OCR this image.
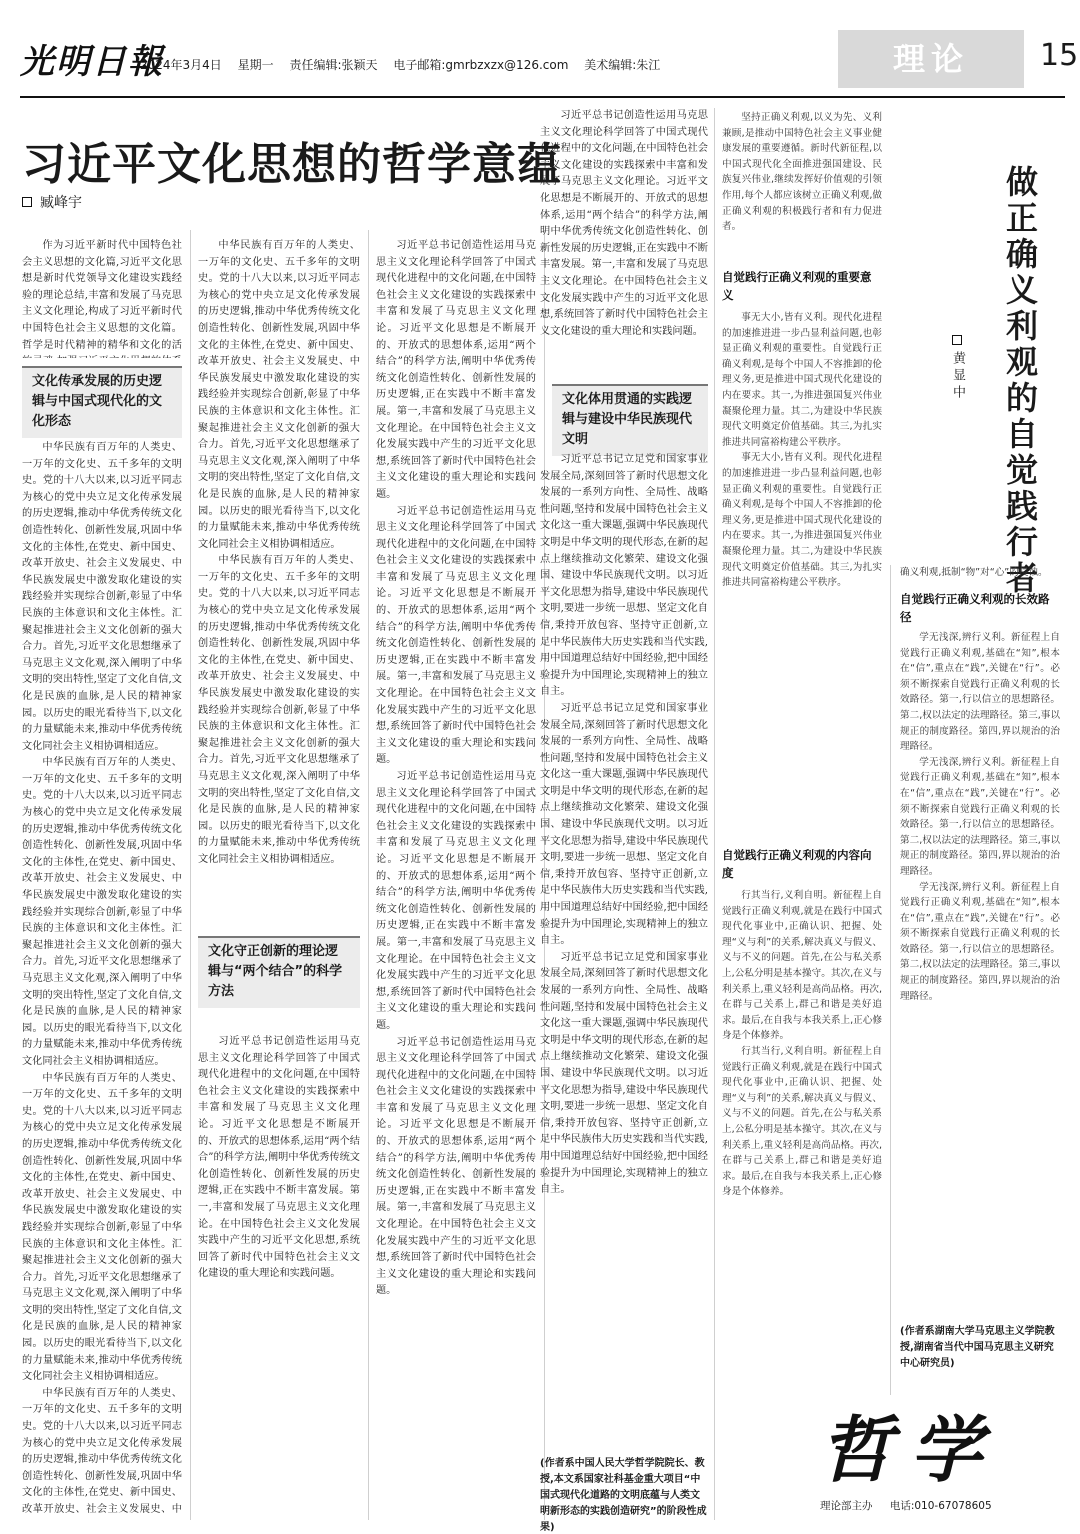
光明日報
2024年3月4日 星期一 责任编辑:张颖天 电子邮箱:gmrbzxzx@126.com 美术编辑:朱江	理论	15
习近平文化思想的哲学意蕴
臧峰宇

作为习近平新时代中国特色社会主义思想的文化篇,习近平文化思想是新时代党领导文化建设实践经验的理论总结,丰富和发展了马克思主义文化理论,构成了习近平新时代中国特色社会主义思想的文化篇。哲学是时代精神的精华和文化的活

文化传承发展的历史逻辑与中国式现代化的文化形态

中华民族有百万年的人类史、一万年的文化史、五千多年的文明史。党的十八大以来,以习近平同志为核心的党中央立足文化传承发展的历史逻辑,推动中华优秀传统文化创造性转化、创新性发展,巩固中华文化的主体性,在党史、新中国史、改革开放史、社会主义发展史、中华民族发展史中激发取化建设的实践经验并实现综合创新,彰显了中华民族的主体意识和文化主体性。汇聚起推进社会主义文化创新的强大合力。首先,习近平文化思想继承了马克思主义文化观,深入阐明了中华文明的突出特性,坚定了文化自信,文化是民族的血脉,是人民的精神家园。以历史的眼光看待当下,以文化的力量赋能未来,推动中华优秀传统文化同社会主义相协调相适应。

中华民族有百万年的人类史、一万年的文化史、五千多年的文明史。党的十八大以来,以习近平同志为核心的党中央立足文化传承发展的历史逻辑,推动中华优秀传统文化创造性转化、创新性发展,巩固中华文化的主体性,在党史、新中国史、改革开放史、社会主义发展史、中华民族发展史中激发取化建设的实践经验并实现综合创新,彰显了中华民族的主体意识和文化主体性。汇聚起推进社会主义文化创新的强大合力。首先,习近平文化思想继承了马克思主义文化观,深入阐明了中华文明的突出特性,坚定了文化自信,文化是民族的血脉,是人民的精神家园。以历史的眼光看待当下,以文化的力量赋能未来,推动中华优秀传统文化同社会主义相协调相适应。

中华民族有百万年的人类史、一万年的文化史、五千多年的文明史。党的十八大以来,以习近平同志为核心的党中央立足文化传承发展的历史逻辑,推动中华优秀传统文化创造性转化、创新性发展,巩固中华文化的主体性,在党史、新中国史、改革开放史、社会主义发展史、中华民族发展史中激发取化建设的实践经验并实现综合创新,彰显了中华民族的主体意识和文化主体性。汇聚起推进社会主义文化创新的强大合力。首先,习近平文化思想继承了马克思主义文化观,深入阐明了中华文明的突出特性,坚定了文化自信,文化是民族的血脉,是人民的精神家园。以历史的眼光看待当下,以文化的力量赋能未来,推动中华优秀传统文化同社会主义相协调相适应。

中华民族有百万年的人类史、一万年的文化史、五千多年的文明史。党的十八大以来,以习近平同志为核心的党中央立足文化传承发展的历史逻辑,推动中华优秀传统文化创造性转化、创新性发展,巩固中华文化的主体性,在党史、新中国史、改革开放史、社会主义发展史、中

中华民族有百万年的人类史、一万年的文化史、五千多年的文明史。党的十八大以来,以习近平同志为核心的党中央立足文化传承发展的历史逻辑,推动中华优秀传统文化创造性转化、创新性发展,巩固中华文化的主体性,在党史、新中国史、改革开放史、社会主义发展史、中华民族发展史中激发取化建设的实践经验并实现综合创新,彰显了中华民族的主体意识和文化主体性。汇聚起推进社会主义文化创新的强大合力。首先,习近平文化思想继承了马克思主义文化观,深入阐明了中华文明的突出特性,坚定了文化自信,文化是民族的血脉,是人民的精神家园。以历史的眼光看待当下,以文化的力量赋能未来,推动中华优秀传统文化同社会主义相协调相适应。

中华民族有百万年的人类史、一万年的文化史、五千多年的文明史。党的十八大以来,以习近平同志为核心的党中央立足文化传承发展的历史逻辑,推动中华优秀传统文化创造性转化、创新性发展,巩固中华文化的主体性,在党史、新中国史、改革开放史、社会主义发展史、中华民族发展史中激发取化建设的实践经验并实现综合创新,彰显了中华民族的主体意识和文化主体性。汇聚起推进社会主义文化创新的强大合力。首先,习近平文化思想继承了马克思主义文化观,深入阐明了中华文明的突出特性,坚定了文化自信,文化是民族的血脉,是人民的精神家园。以历史的眼光看待当下,以文化的力量赋能未来,推动中华优秀传统文化同社会主义相协调相适应。

文化守正创新的理论逻辑与“两个结合”的科学方法

习近平总书记创造性运用马克思主义文化理论科学回答了中国式现代化进程中的文化问题,在中国特色社会主义文化建设的实践探索中丰富和发展了马克思主义文化理论。习近平文化思想是不断展开的、开放式的思想体系,运用“两个结合”的科学方法,阐明中华优秀传统文化创造性转化、创新性发展的历史逻辑,正在实践中不断丰富发展。第一,丰富和发展了马克思主义文化理论。在中国特色社会主义文化发展实践中产生的习近平文化思想,系统回答了新时代中国特色社会主义文化建设的重大理论和实践问题。

习近平总书记创造性运用马克思主义文化理论科学回答了中国式现代化进程中的文化问题,在中国特色社会主义文化建设的实践探索中丰富和发展了马克思主义文化理论。习近平文化思想是不断展开的、开放式的思想体系,运用“两个结合”的科学方法,阐明中华优秀传统文化创造性转化、创新性发展的历史逻辑,正在实践中不断丰富发展。第一,丰富和发展了马克思主义文化理论。在中国特色社会主义文化发展实践中产生的习近平文化思想,系统回答了新时代中国特色社会主义文化建设的重大理论和实践问题。

习近平总书记创造性运用马克思主义文化理论科学回答了中国式现代化进程中的文化问题,在中国特色社会主义文化建设的实践探索中丰富和发展了马克思主义文化理论。习近平文化思想是不断展开的、开放式的思想体系,运用“两个结合”的科学方法,阐明中华优秀传统文化创造性转化、创新性发展的历史逻辑,正在实践中不断丰富发展。第一,丰富和发展了马克思主义文化理论。在中国特色社会主义文化发展实践中产生的习近平文化思想,系统回答了新时代中国特色社会主义文化建设的重大理论和实践问题。

习近平总书记创造性运用马克思主义文化理论科学回答了中国式现代化进程中的文化问题,在中国特色社会主义文化建设的实践探索中丰富和发展了马克思主义文化理论。习近平文化思想是不断展开的、开放式的思想体系,运用“两个结合”的科学方法,阐明中华优秀传统文化创造性转化、创新性发展的历史逻辑,正在实践中不断丰富发展。第一,丰富和发展了马克思主义文化理论。在中国特色社会主义文化发展实践中产生的习近平文化思想,系统回答了新时代中国特色社会主义文化建设的重大理论和实践问题。

习近平总书记创造性运用马克思主义文化理论科学回答了中国式现代化进程中的文化问题,在中国特色社会主义文化建设的实践探索中丰富和发展了马克思主义文化理论。习近平文化思想是不断展开的、开放式的思想体系,运用“两个结合”的科学方法,阐明中华优秀传统文化创造性转化、创新性发展的历史逻辑,正在实践中不断丰富发展。第一,丰富和发展了马克思主义文化理论。在中国特色社会主义文化发展实践中产生的习近平文化思想,系统回答了新时代中国特色社会主义文化建设的重大理论和实践问题。

习近平总书记创造性运用马克思主义文化理论科学回答了中国式现代化进程中的文化问题,在中国特色社会主义文化建设的实践探索中丰富和发展了马克思主义文化理论。习近平文化思想是不断展开的、开放式的思想体系,运用“两个结合”的科学方法,阐明中华优秀传统文化创造性转化、创新性发展的历史逻辑,正在实践中不断丰富发展。第一,丰富和发展了马克思主义文化理论。在中国特色社会主义文化发展实践中产生的习近平文化思想,系统回答了新时代中国特色社会主义文化建设的重大理论和实践问题。

文化体用贯通的实践逻辑与建设中华民族现代文明

习近平总书记立足党和国家事业发展全局,深刻回答了新时代思想文化发展的一系列方向性、全局性、战略性问题,坚持和发展中国特色社会主义文化这一重大课题,强调中华民族现代文明是中华文明的现代形态,在新的起点上继续推动文化繁荣、建设文化强国、建设中华民族现代文明。以习近平文化思想为指导,建设中华民族现代文明,要进一步统一思想、坚定文化自信,秉持开放包容、坚持守正创新,立足中华民族伟大历史实践和当代实践,用中国道理总结好中国经验,把中国经验提升为中国理论,实现精神上的独立自主。

习近平总书记立足党和国家事业发展全局,深刻回答了新时代思想文化发展的一系列方向性、全局性、战略性问题,坚持和发展中国特色社会主义文化这一重大课题,强调中华民族现代文明是中华文明的现代形态,在新的起点上继续推动文化繁荣、建设文化强国、建设中华民族现代文明。以习近平文化思想为指导,建设中华民族现代文明,要进一步统一思想、坚定文化自信,秉持开放包容、坚持守正创新,立足中华民族伟大历史实践和当代实践,用中国道理总结好中国经验,把中国经验提升为中国理论,实现精神上的独立自主。

习近平总书记立足党和国家事业发展全局,深刻回答了新时代思想文化发展的一系列方向性、全局性、战略性问题,坚持和发展中国特色社会主义文化这一重大课题,强调中华民族现代文明是中华文明的现代形态,在新的起点上继续推动文化繁荣、建设文化强国、建设中华民族现代文明。以习近平文化思想为指导,建设中华民族现代文明,要进一步统一思想、坚定文化自信,秉持开放包容、坚持守正创新,立足中华民族伟大历史实践和当代实践,用中国道理总结好中国经验,把中国经验提升为中国理论,实现精神上的独立自主。

(作者系中国人民大学哲学院院长、教授,本文系国家社科基金重大项目“中国式现代化道路的文明底蕴与人类文明新形态的实践创造研究”的阶段性成果)
做正确义利观的自觉践行者
黄显中

坚持正确义利观,以义为先、义利兼顾,是推动中国特色社会主义事业健康发展的重要遵循。新时代新征程,以中国式现代化全面推进强国建设、民族复兴伟业,继续发挥好价值观的引领作用,每个人都应该树立正确义利观,做正确义利观的积极践行者和有力促进者。

自觉践行正确义利观的重要意义

事无大小,皆有义利。现代化进程的加速推进进一步凸显利益问题,也彰显正确义利观的重要性。自觉践行正确义利观,是每个中国人不容推卸的伦理义务,更是推进中国式现代化建设的内在要求。其一,为推进强国复兴伟业凝聚伦理力量。其二,为建设中华民族现代文明奠定价值基础。其三,为扎实推进共同富裕构建公平秩序。

事无大小,皆有义利。现代化进程的加速推进进一步凸显利益问题,也彰显正确义利观的重要性。自觉践行正确义利观,是每个中国人不容推卸的伦理义务,更是推进中国式现代化建设的内在要求。其一,为推进强国复兴伟业凝聚伦理力量。其二,为建设中华民族现代文明奠定价值基础。其三,为扎实推进共同富裕构建公平秩序。

自觉践行正确义利观的内容向度

行其当行,义利自明。新征程上自觉践行正确义利观,就是在践行中国式现代化事业中,正确认识、把握、处理“义与利”的关系,解决真义与假义、义与不义的问题。首先,在公与私关系上,公私分明是基本操守。其次,在义与利关系上,重义轻利是高尚品格。再次,在群与己关系上,群己和谐是美好追求。最后,在自我与本我关系上,正心修身是个体修养。

行其当行,义利自明。新征程上自觉践行正确义利观,就是在践行中国式现代化事业中,正确认识、把握、处理“义与利”的关系,解决真义与假义、义与不义的问题。首先,在公与私关系上,公私分明是基本操守。其次,在义与利关系上,重义轻利是高尚品格。再次,在群与己关系上,群己和谐是美好追求。最后,在自我与本我关系上,正心修身是个体修养。

确义利观,抵制“物”对“心”的侵蚀。

自觉践行正确义利观的长效路径

学无浅深,辨行义利。新征程上自觉践行正确义利观,基础在“知”,根本在“信”,重点在“践”,关键在“行”。必须不断探索自觉践行正确义利观的长效路径。第一,行以信立的思想路径。第二,权以法定的法理路径。第三,事以规正的制度路径。第四,界以规治的治理路径。

学无浅深,辨行义利。新征程上自觉践行正确义利观,基础在“知”,根本在“信”,重点在“践”,关键在“行”。必须不断探索自觉践行正确义利观的长效路径。第一,行以信立的思想路径。第二,权以法定的法理路径。第三,事以规正的制度路径。第四,界以规治的治理路径。

学无浅深,辨行义利。新征程上自觉践行正确义利观,基础在“知”,根本在“信”,重点在“践”,关键在“行”。必须不断探索自觉践行正确义利观的长效路径。第一,行以信立的思想路径。第二,权以法定的法理路径。第三,事以规正的制度路径。第四,界以规治的治理路径。

(作者系湖南大学马克思主义学院教授,湖南省当代中国马克思主义研究中心研究员)
哲学
理论部主办 电话:010-67078605
